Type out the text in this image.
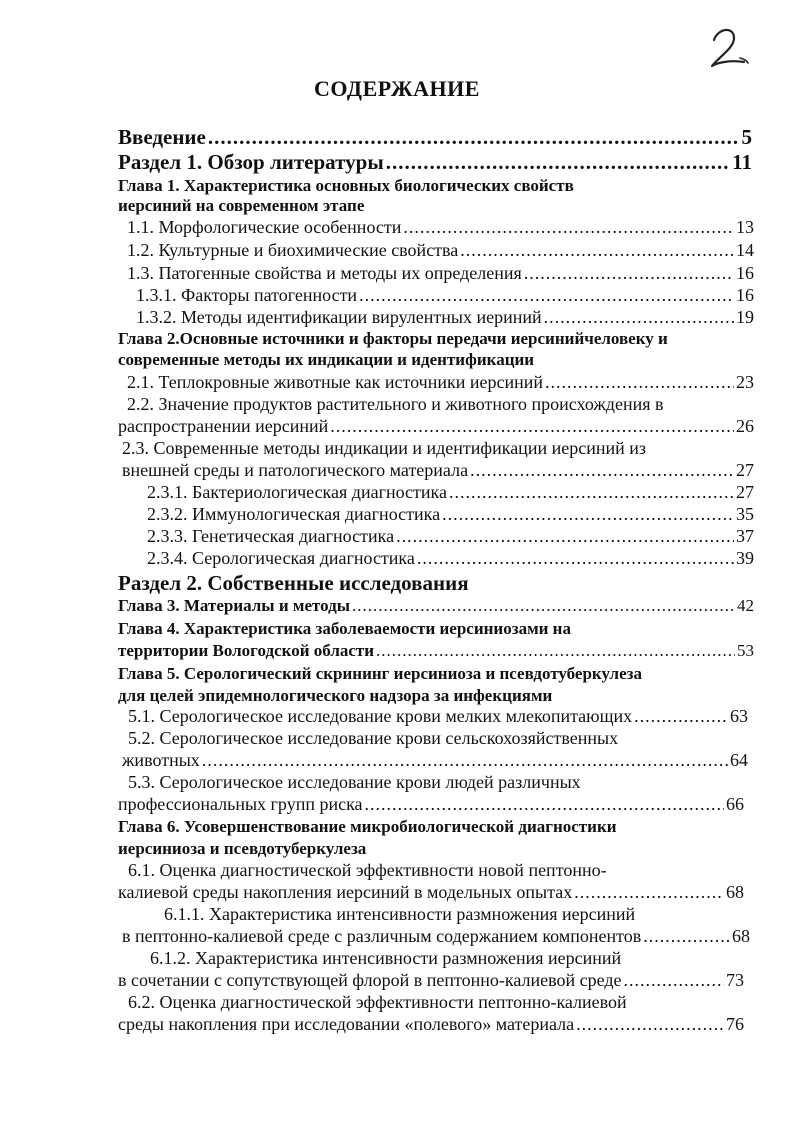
СОДЕРЖАНИЕ
Введение .....	5
Раздел 1. Обзор литературы .....	11
Глава 1. Характеристика основных биологических свойств
иерсиний на современном этапе
1.1. Морфологические особенности .....	13
1.2. Культурные и биохимические свойства .....	14
1.3. Патогенные свойства и методы их определения .....	16
1.3.1. Факторы патогенности .....	16
1.3.2. Методы идентификации вирулентных иериний .....	19
Глава 2.Основные источники и факторы передачи иерсинийчеловеку и
современные методы их индикации и идентификации
2.1. Теплокровные животные как источники иерсиний .....	23
2.2. Значение продуктов растительного и животного происхождения в
распространении иерсиний .....	26
2.3. Современные методы индикации и идентификации иерсиний из
внешней среды и патологического материала .....	27
2.3.1. Бактериологическая диагностика .....	27
2.3.2. Иммунологическая диагностика .....	35
2.3.3. Генетическая диагностика .....	37
2.3.4. Серологическая диагностика .....	39
Раздел 2. Собственные исследования
Глава 3. Материалы и методы .....	42
Глава 4. Характеристика заболеваемости иерсиниозами на
территории Вологодской области .....	53
Глава 5. Серологический скрининг иерсиниоза и псевдотуберкулеза
для целей эпидемнологического надзора за инфекциями
5.1. Серологическое исследование крови мелких млекопитающих .....	63
5.2. Серологическое исследование крови сельскохозяйственных
животных .....	64
5.3. Серологическое исследование крови людей различных
профессиональных групп риска .....	66
Глава 6. Усовершенствование микробиологической диагностики
иерсиниоза и псевдотуберкулеза
6.1. Оценка диагностической эффективности новой пептонно-
калиевой среды накопления иерсиний в модельных опытах .....	68
6.1.1. Характеристика интенсивности размножения иерсиний
в пептонно-калиевой среде с различным содержанием компонентов .....	68
6.1.2. Характеристика интенсивности размножения иерсиний
в сочетании с сопутствующей флорой в пептонно-калиевой среде .....	73
6.2. Оценка диагностической эффективности пептонно-калиевой
среды накопления при исследовании «полевого» материала .....	76
